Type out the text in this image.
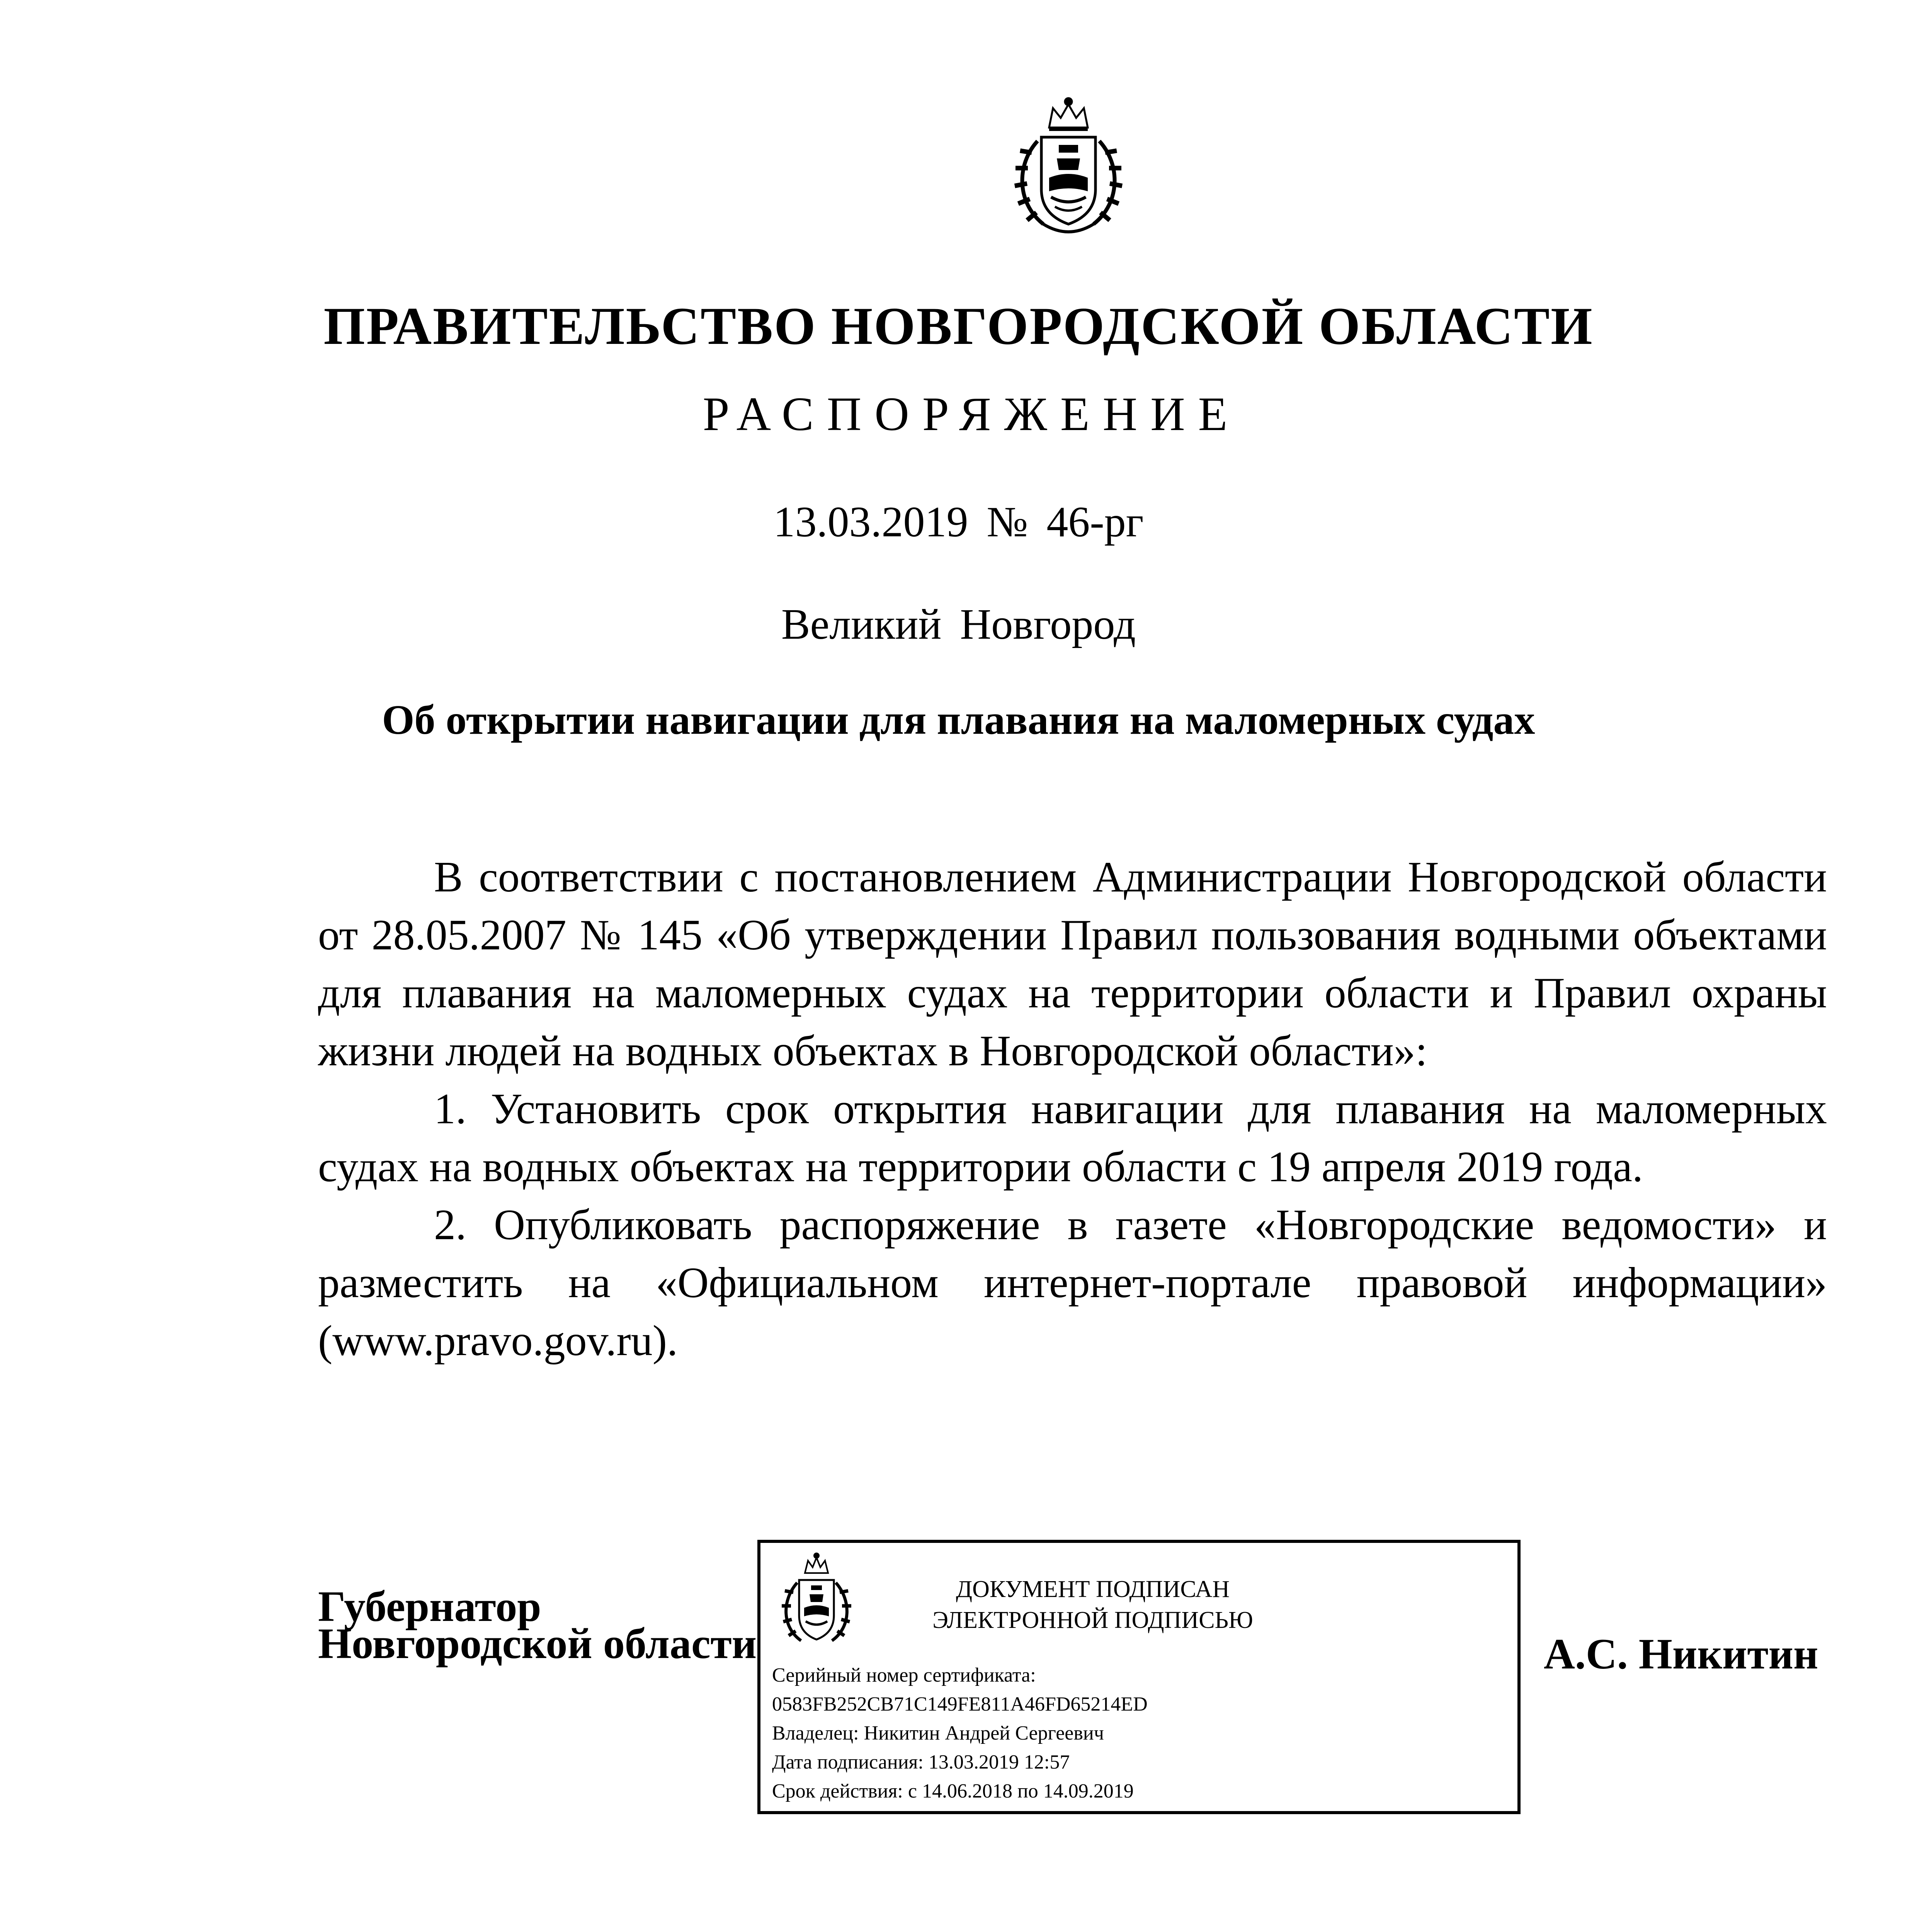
ПРАВИТЕЛЬСТВО НОВГОРОДСКОЙ ОБЛАСТИ
РАСПОРЯЖЕНИЕ
13.03.2019 № 46-рг
Великий Новгород
Об открытии навигации для плавания на маломерных судах

В соответствии с постановлением Администрации Новгородской области от 28.05.2007 № 145 «Об утверждении Правил пользования водными объектами для плавания на маломерных судах на территории области и Правил охраны жизни людей на водных объектах в Новгородской области»:

1. Установить срок открытия навигации для плавания на маломерных судах на водных объектах на территории области с 19 апреля 2019 года.

2. Опубликовать распоряжение в газете «Новгородские ведомости» и разместить на «Официальном интернет-портале правовой информации» (www.pravo.gov.ru).

Губернатор
Новгородской области
ДОКУМЕНТ ПОДПИСАН
ЭЛЕКТРОННОЙ ПОДПИСЬЮ
Серийный номер сертификата:
0583FB252CB71C149FE811A46FD65214ED
Владелец: Никитин Андрей Сергеевич
Дата подписания: 13.03.2019 12:57
Срок действия: с 14.06.2018 по 14.09.2019
А.С. Никитин
